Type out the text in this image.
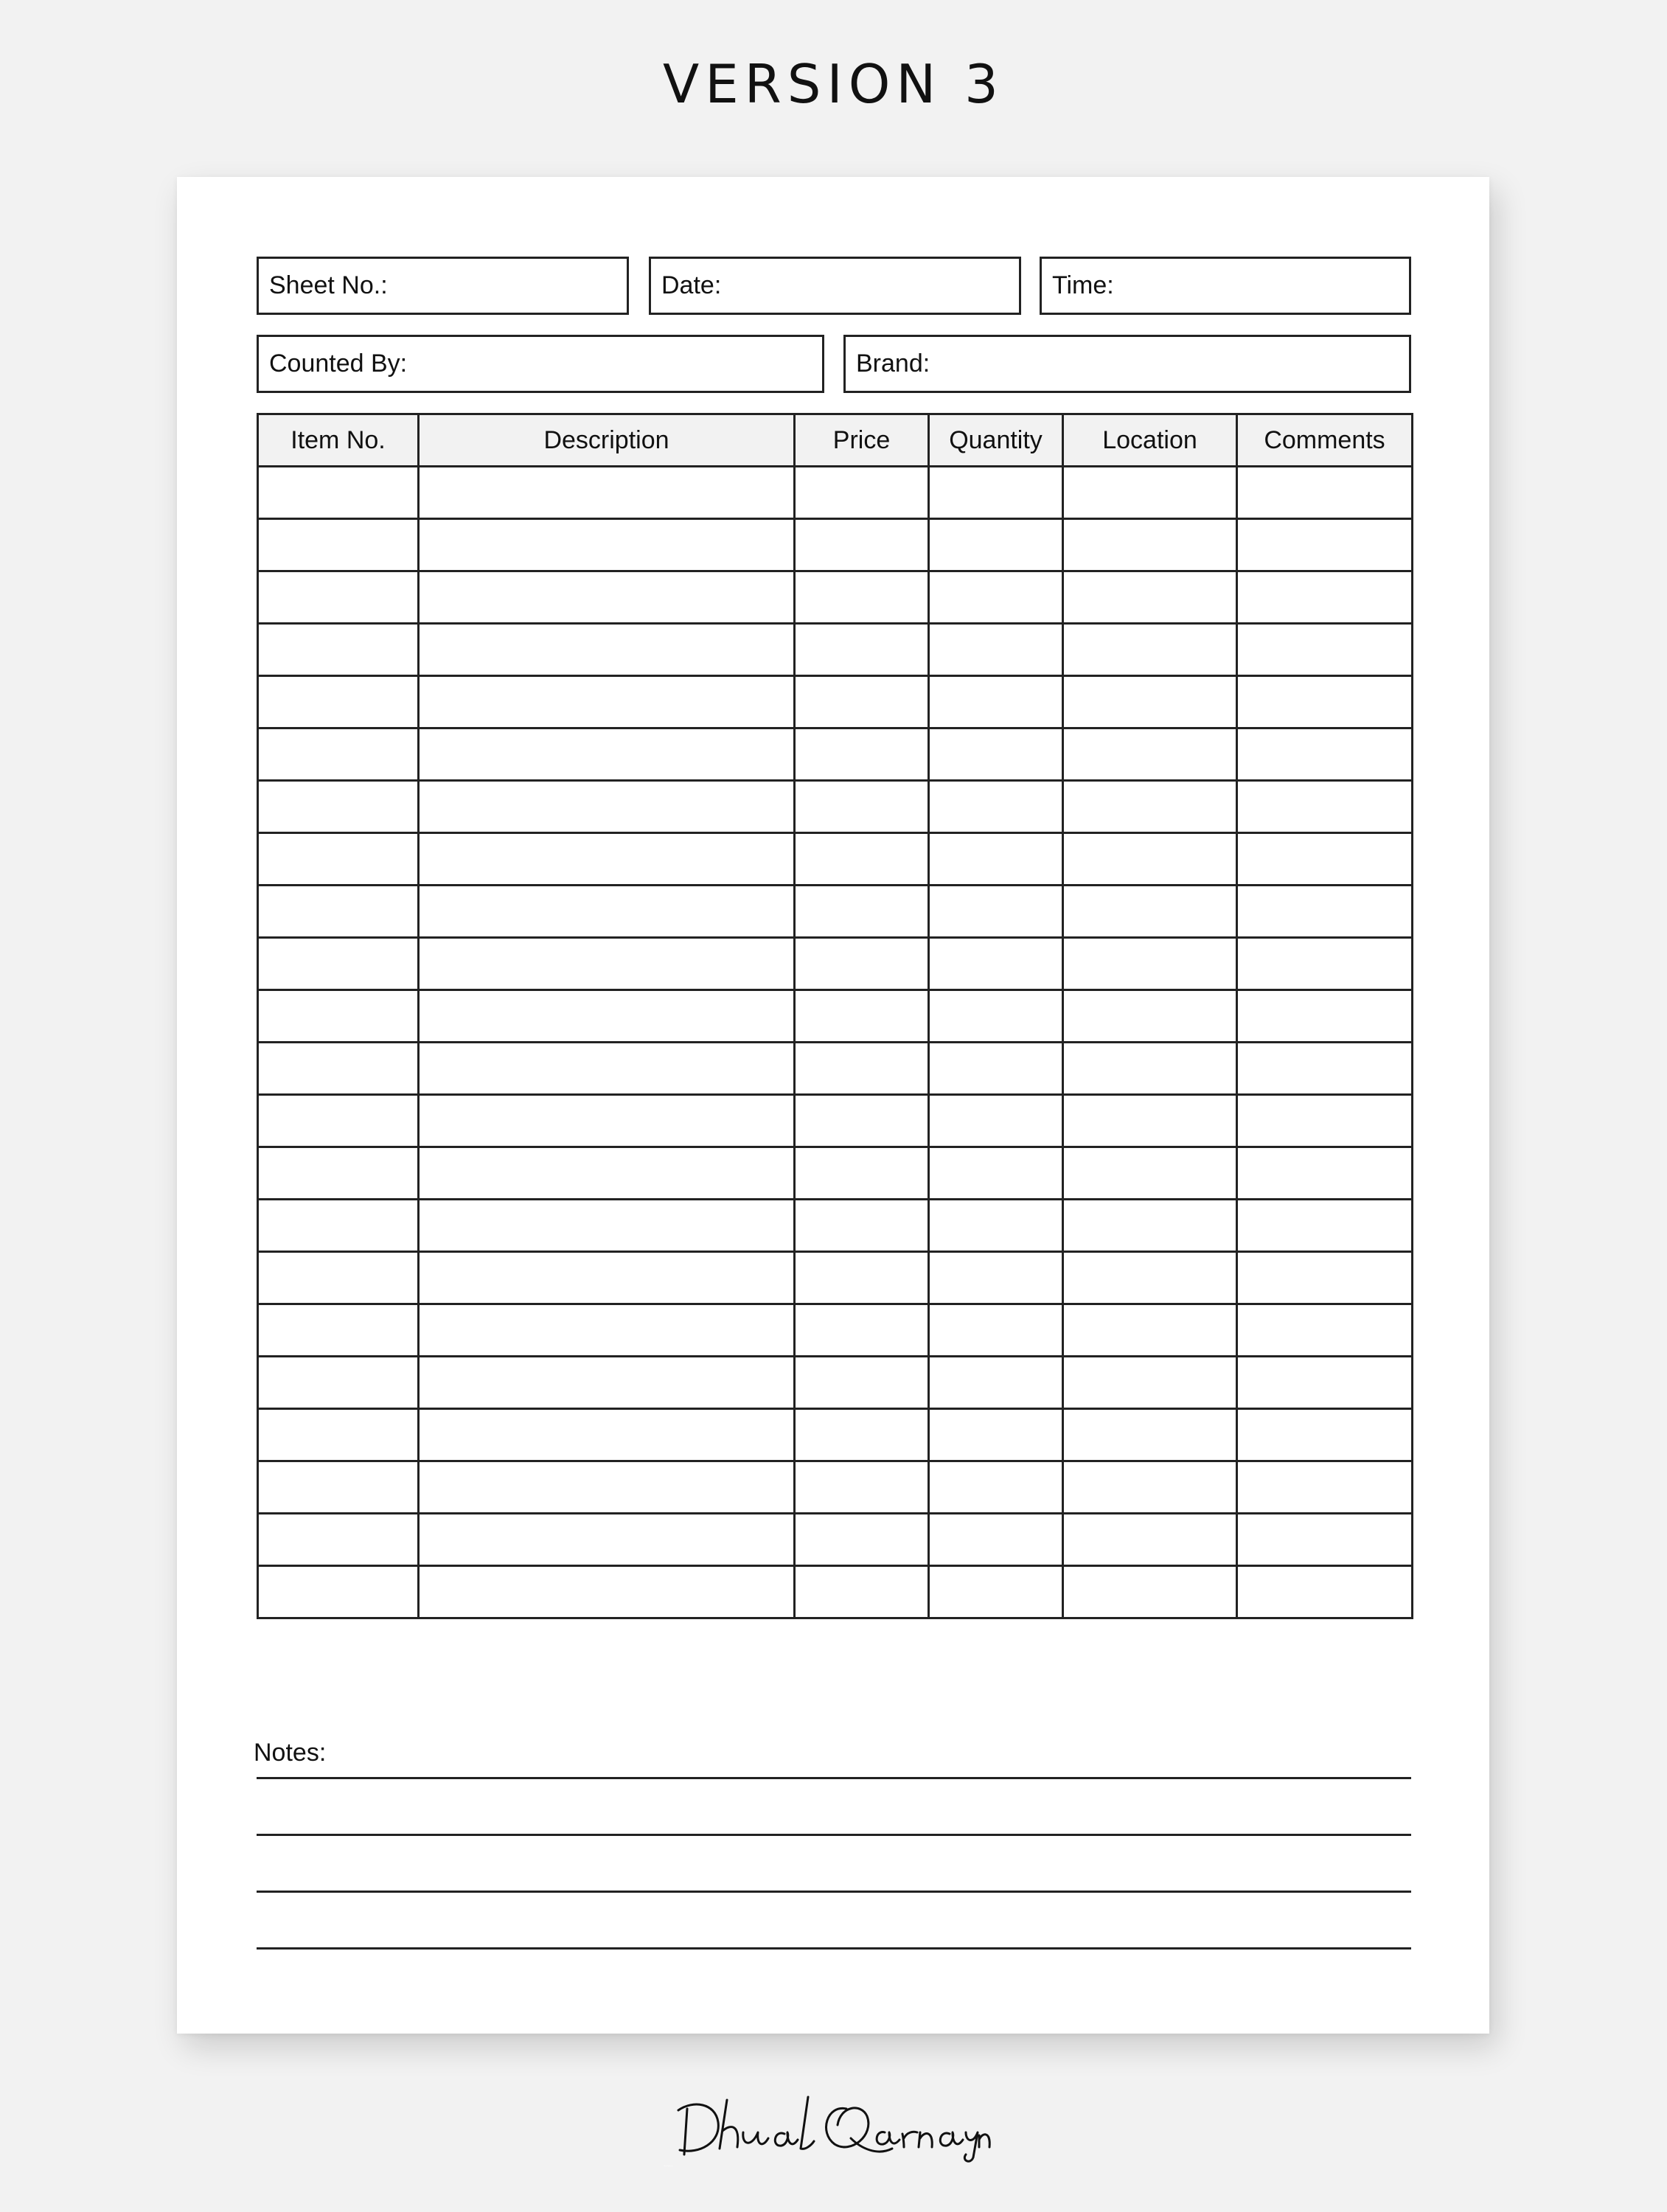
VERSION 3
Sheet No.:	Date:	Time:
Counted By:	Brand:
Item No.	Description	Price	Quantity	Location	Comments

Notes:
DhualQarnayn
